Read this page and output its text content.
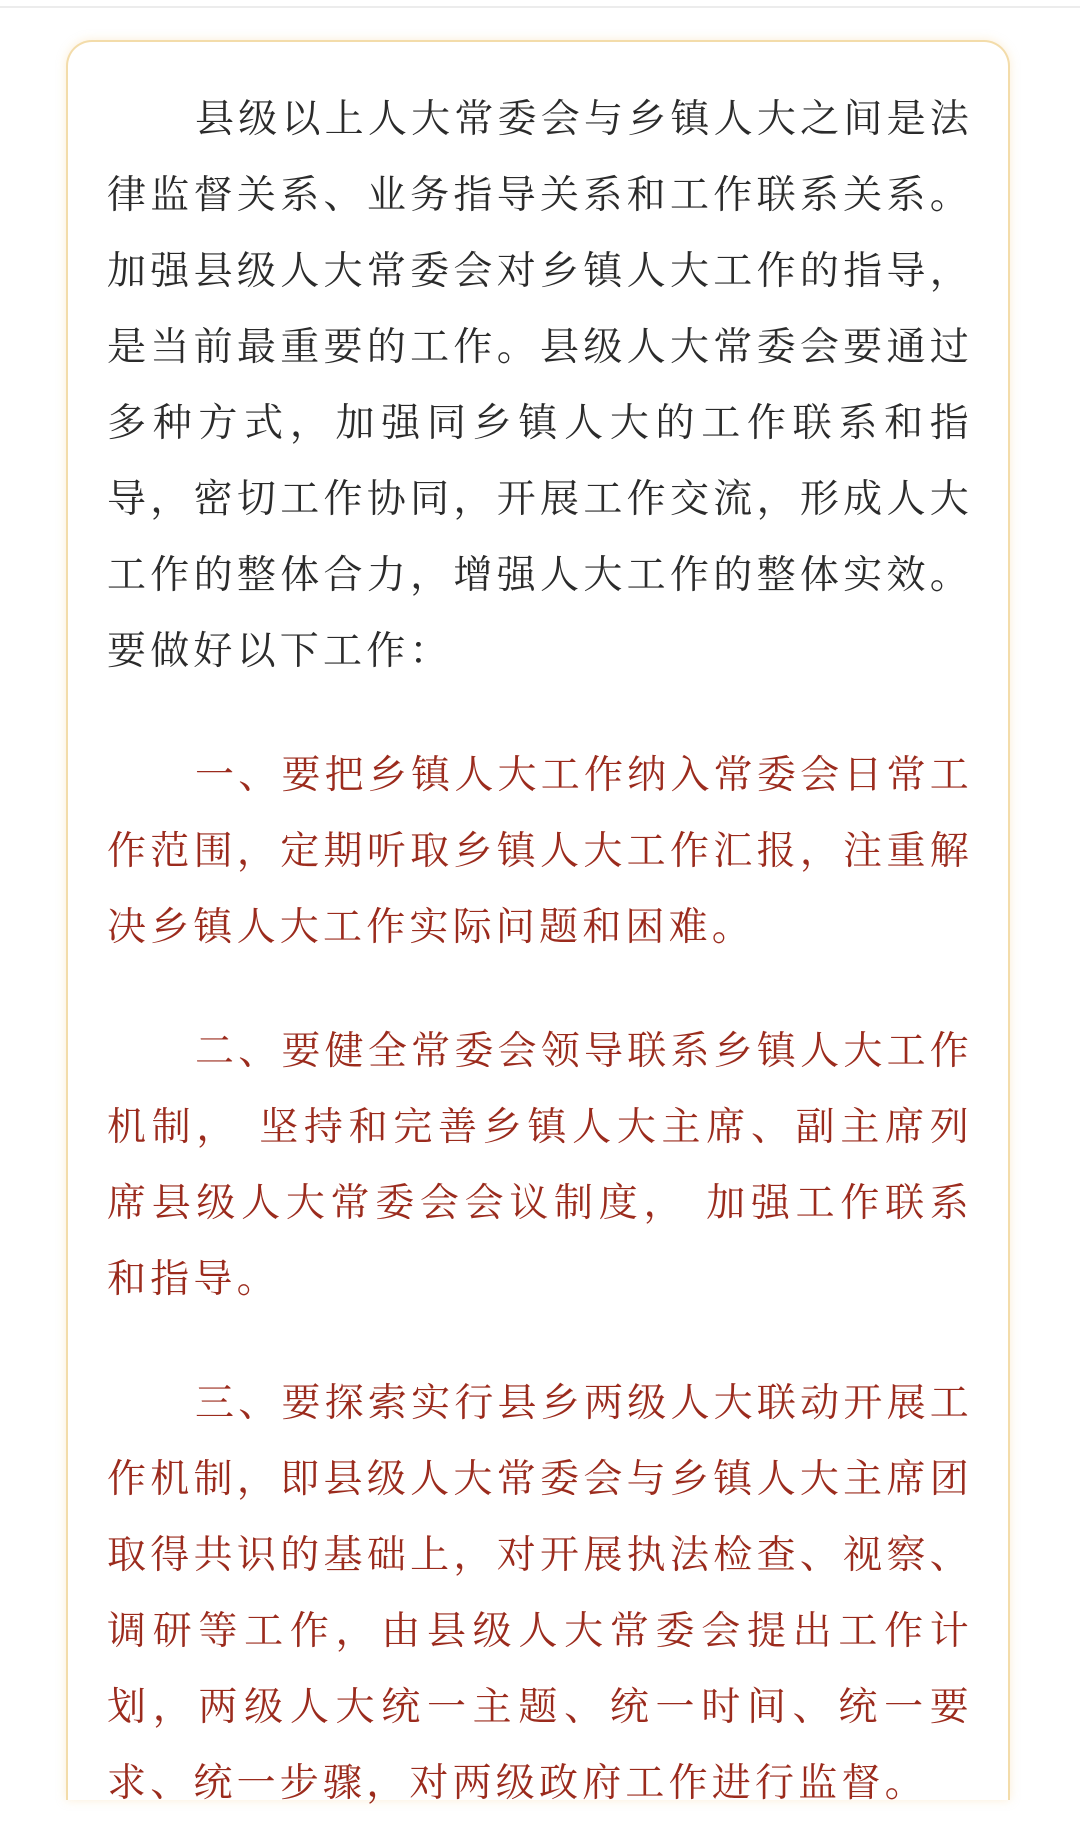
县级以上人大常委会与乡镇人大之间是法律监督关系、业务指导关系和工作联系关系。加强县级人大常委会对乡镇人大工作的指导，是当前最重要的工作。县级人大常委会要通过多种方式，加强同乡镇人大的工作联系和指导，密切工作协同，开展工作交流，形成人大工作的整体合力，增强人大工作的整体实效。要做好以下工作：

一、要把乡镇人大工作纳入常委会日常工作范围，定期听取乡镇人大工作汇报，注重解决乡镇人大工作实际问题和困难。

二、要健全常委会领导联系乡镇人大工作机制， 坚持和完善乡镇人大主席、副主席列席县级人大常委会会议制度， 加强工作联系和指导。

三、要探索实行县乡两级人大联动开展工作机制，即县级人大常委会与乡镇人大主席团取得共识的基础上，对开展执法检查、视察、调研等工作，由县级人大常委会提出工作计划，两级人大统一主题、统一时间、统一要求、统一步骤，对两级政府工作进行监督。
